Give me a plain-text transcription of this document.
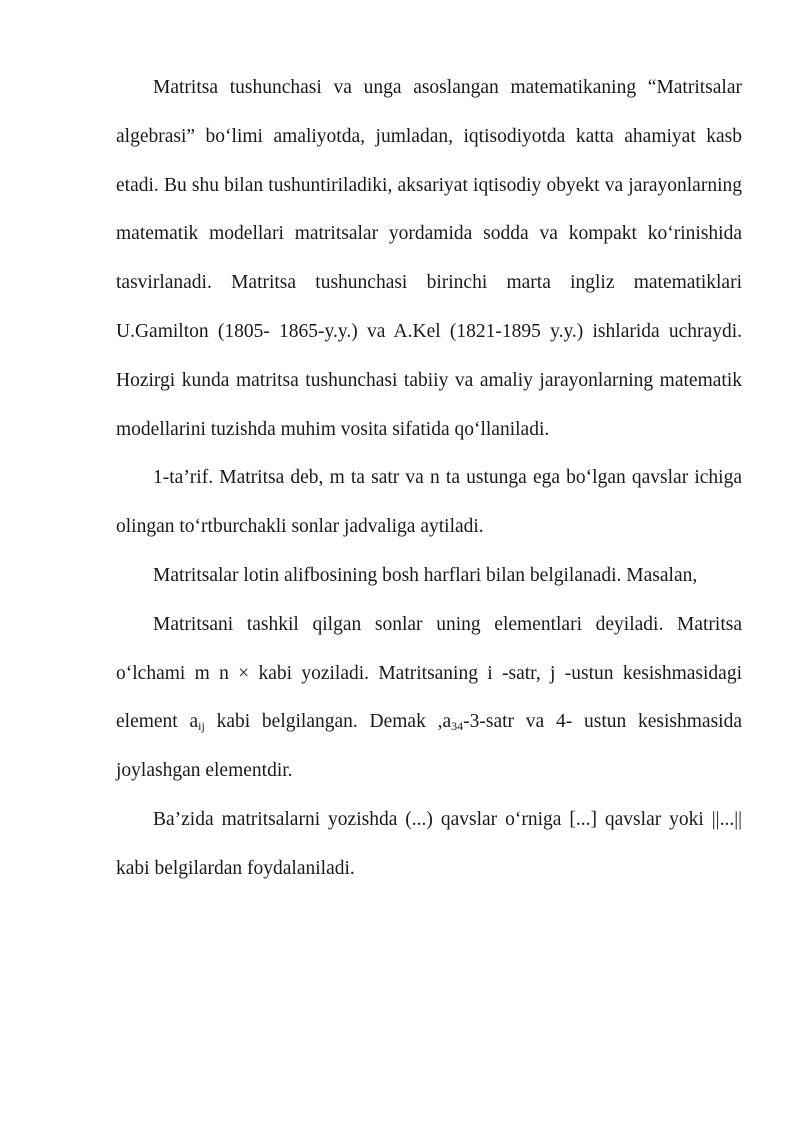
Matritsa tushunchasi va unga asoslangan matematikaning “Matritsalar algebrasi” bo‘limi amaliyotda, jumladan, iqtisodiyotda katta ahamiyat kasb etadi. Bu shu bilan tushuntiriladiki, aksariyat iqtisodiy obyekt va jarayonlarning matematik modellari matritsalar yordamida sodda va kompakt ko‘rinishida tasvirlanadi. Matritsa tushunchasi birinchi marta ingliz matematiklari U.Gamilton (1805- 1865-y.y.) va A.Kel (1821-1895 y.y.) ishlarida uchraydi. Hozirgi kunda matritsa tushunchasi tabiiy va amaliy jarayonlarning matematik modellarini tuzishda muhim vosita sifatida qo‘llaniladi.

1-ta’rif. Matritsa deb, m ta satr va n ta ustunga ega bo‘lgan qavslar ichiga olingan to‘rtburchakli sonlar jadvaliga aytiladi.

Matritsalar lotin alifbosining bosh harflari bilan belgilanadi. Masalan,

Matritsani tashkil qilgan sonlar uning elementlari deyiladi. Matritsa o‘lchami m n × kabi yoziladi. Matritsaning i -satr, j -ustun kesishmasidagi element $a_{ij}$ kabi belgilangan. Demak $,a_{34}-3$-satr va 4- ustun kesishmasida joylashgan elementdir.

Ba’zida matritsalarni yozishda (...) qavslar o‘rniga [...] qavslar yoki ||...|| kabi belgilardan foydalaniladi.
